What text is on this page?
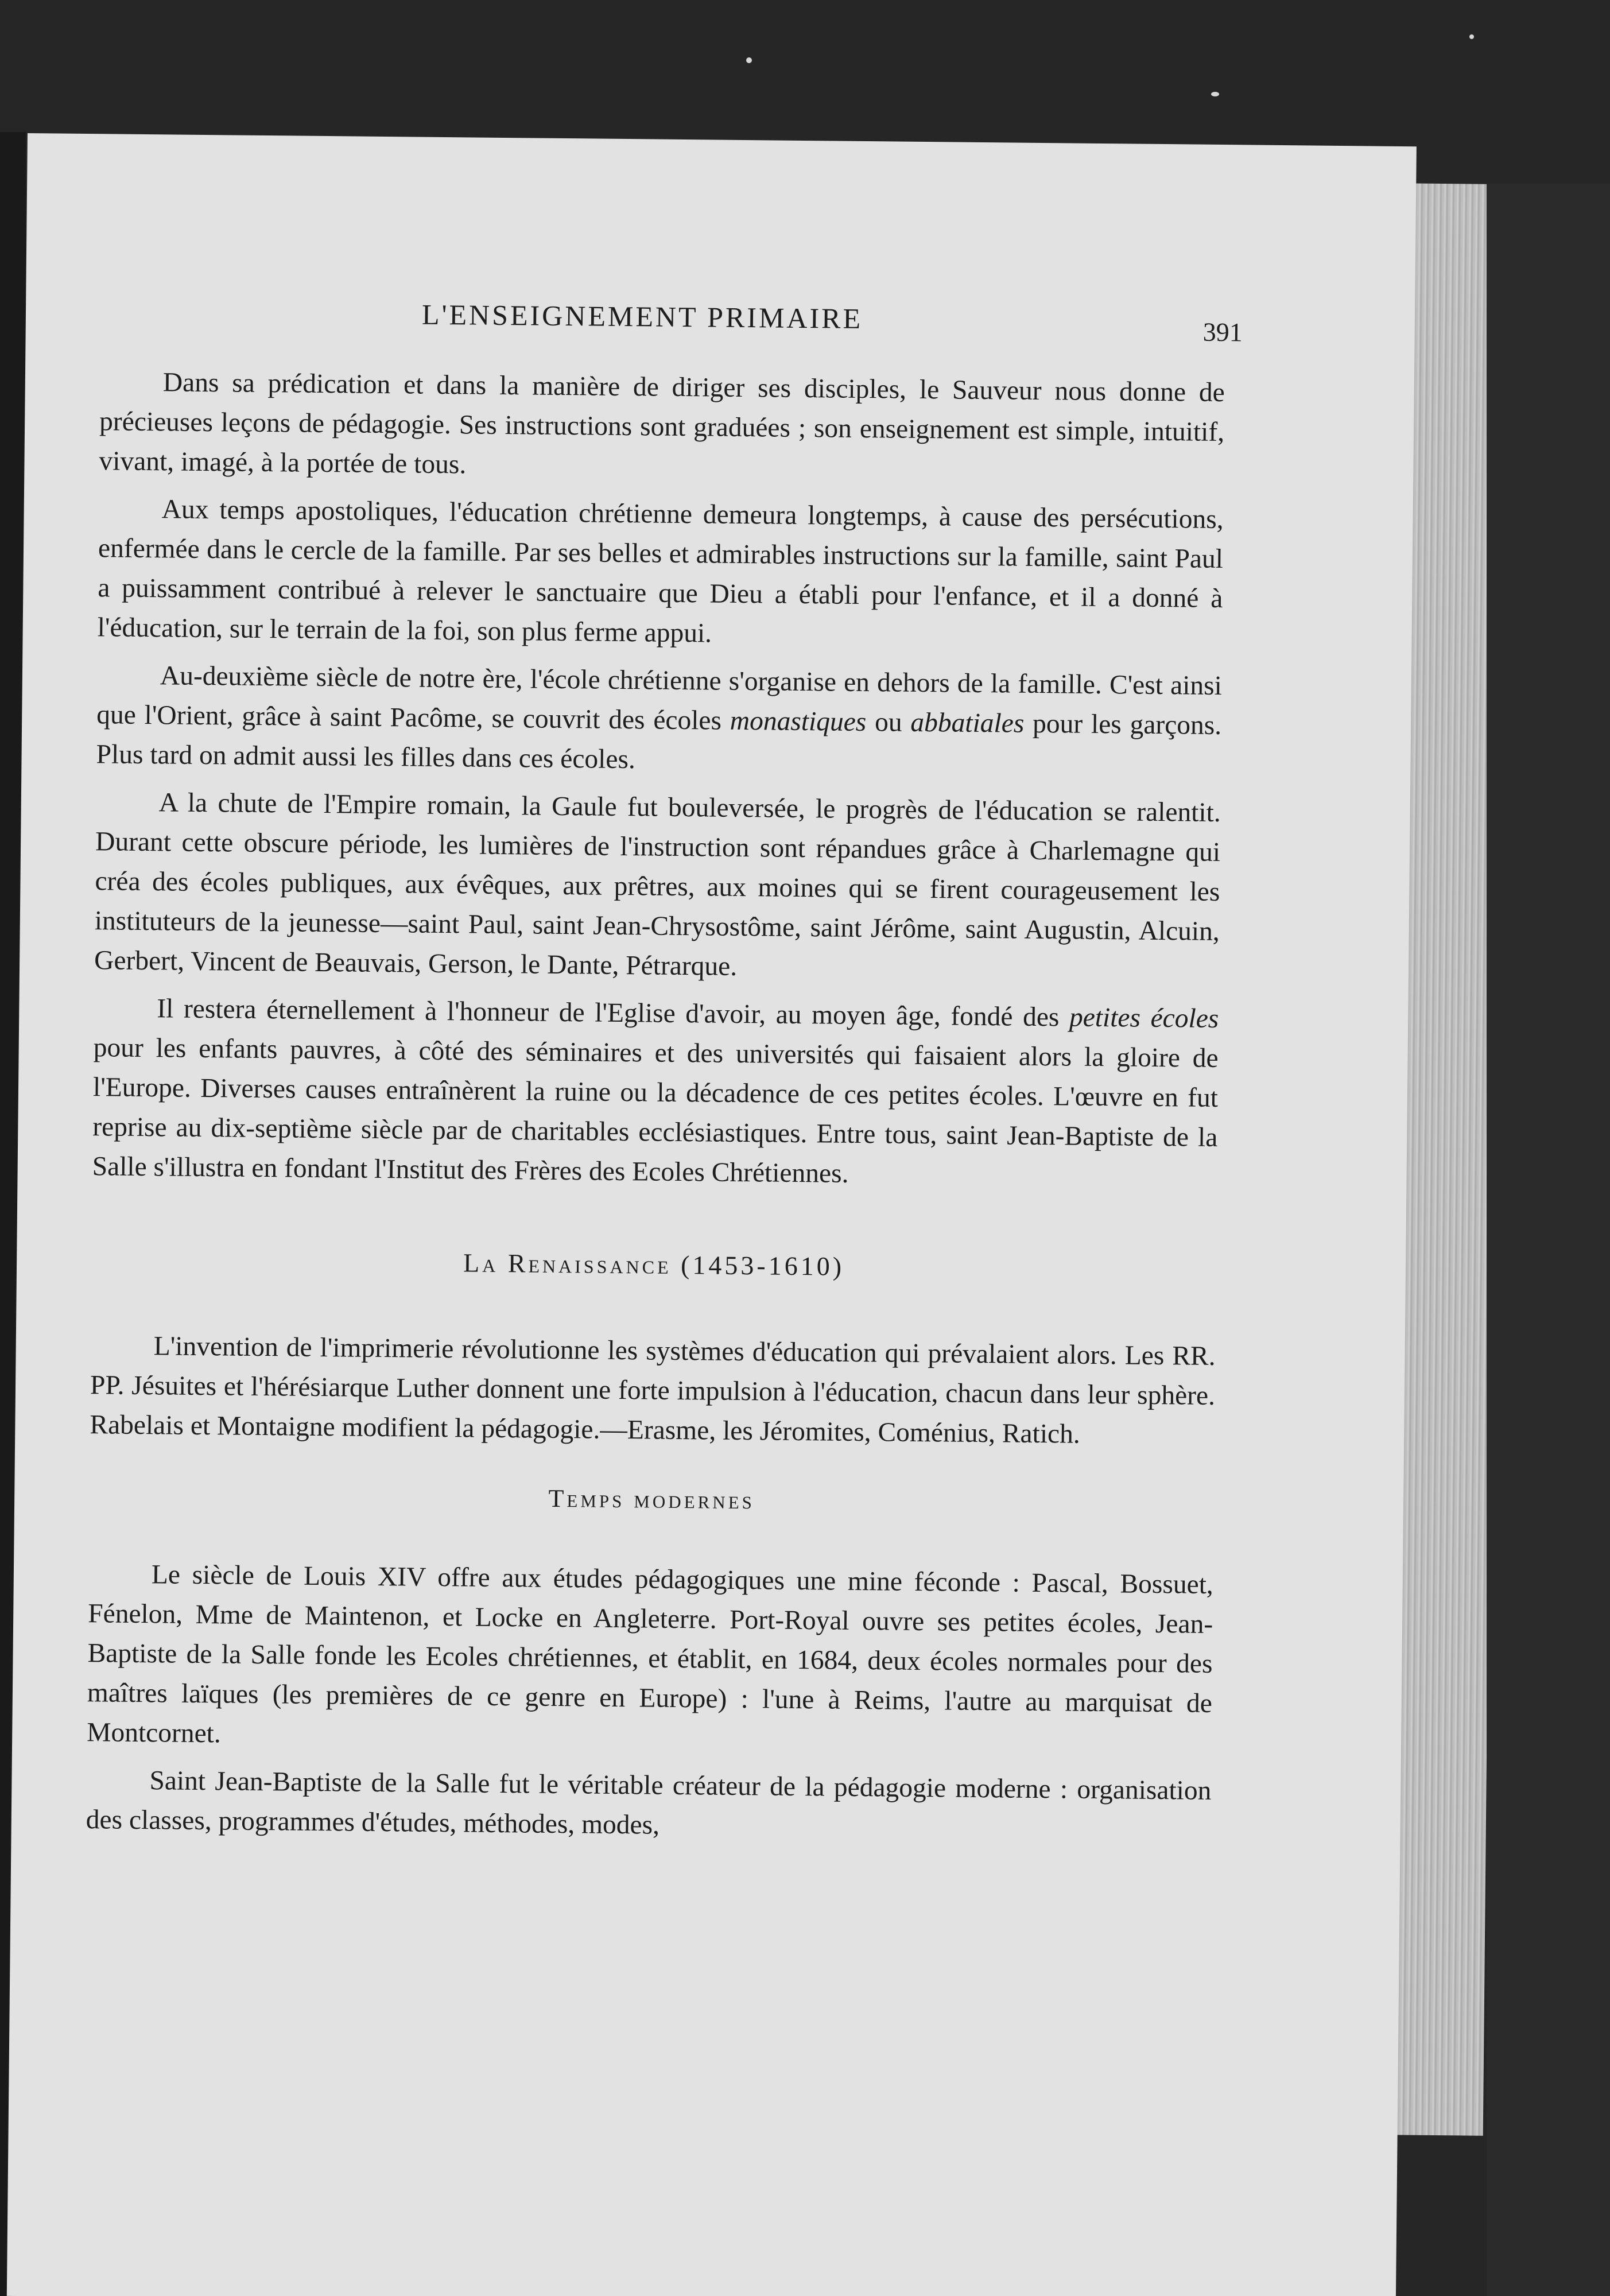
L'ENSEIGNEMENT PRIMAIRE	391

Dans sa prédication et dans la manière de diriger ses disciples, le Sauveur nous donne de précieuses leçons de pédagogie. Ses instructions sont graduées ; son enseignement est simple, intuitif, vivant, imagé, à la portée de tous.

Aux temps apostoliques, l'éducation chrétienne demeura longtemps, à cause des persécutions, enfermée dans le cercle de la famille. Par ses belles et admirables instructions sur la famille, saint Paul a puissamment contribué à relever le sanctuaire que Dieu a établi pour l'enfance, et il a donné à l'éducation, sur le terrain de la foi, son plus ferme appui.

Au-deuxième siècle de notre ère, l'école chrétienne s'organise en dehors de la famille. C'est ainsi que l'Orient, grâce à saint Pacôme, se couvrit des écoles monastiques ou abbatiales pour les garçons. Plus tard on admit aussi les filles dans ces écoles.

A la chute de l'Empire romain, la Gaule fut bouleversée, le progrès de l'éducation se ralentit. Durant cette obscure période, les lumières de l'instruction sont répandues grâce à Charlemagne qui créa des écoles publiques, aux évêques, aux prêtres, aux moines qui se firent courageusement les instituteurs de la jeunesse—saint Paul, saint Jean-Chrysostôme, saint Jérôme, saint Augustin, Alcuin, Gerbert, Vincent de Beauvais, Gerson, le Dante, Pétrarque.

Il restera éternellement à l'honneur de l'Eglise d'avoir, au moyen âge, fondé des petites écoles pour les enfants pauvres, à côté des séminaires et des universités qui faisaient alors la gloire de l'Europe. Diverses causes entraînèrent la ruine ou la décadence de ces petites écoles. L'œuvre en fut reprise au dix-septième siècle par de charitables ecclésiastiques. Entre tous, saint Jean-Baptiste de la Salle s'illustra en fondant l'Institut des Frères des Ecoles Chrétiennes.

La Renaissance (1453-1610)

L'invention de l'imprimerie révolutionne les systèmes d'éducation qui prévalaient alors. Les RR. PP. Jésuites et l'hérésiarque Luther donnent une forte impulsion à l'éducation, chacun dans leur sphère. Rabelais et Montaigne modifient la pédagogie.—Erasme, les Jéromites, Coménius, Ratich.

Temps modernes

Le siècle de Louis XIV offre aux études pédagogiques une mine féconde : Pascal, Bossuet, Fénelon, Mme de Maintenon, et Locke en Angleterre. Port-Royal ouvre ses petites écoles, Jean-Baptiste de la Salle fonde les Ecoles chrétiennes, et établit, en 1684, deux écoles normales pour des maîtres laïques (les premières de ce genre en Europe) : l'une à Reims, l'autre au marquisat de Montcornet.

Saint Jean-Baptiste de la Salle fut le véritable créateur de la pédagogie moderne : organisation des classes, programmes d'études, méthodes, modes,
